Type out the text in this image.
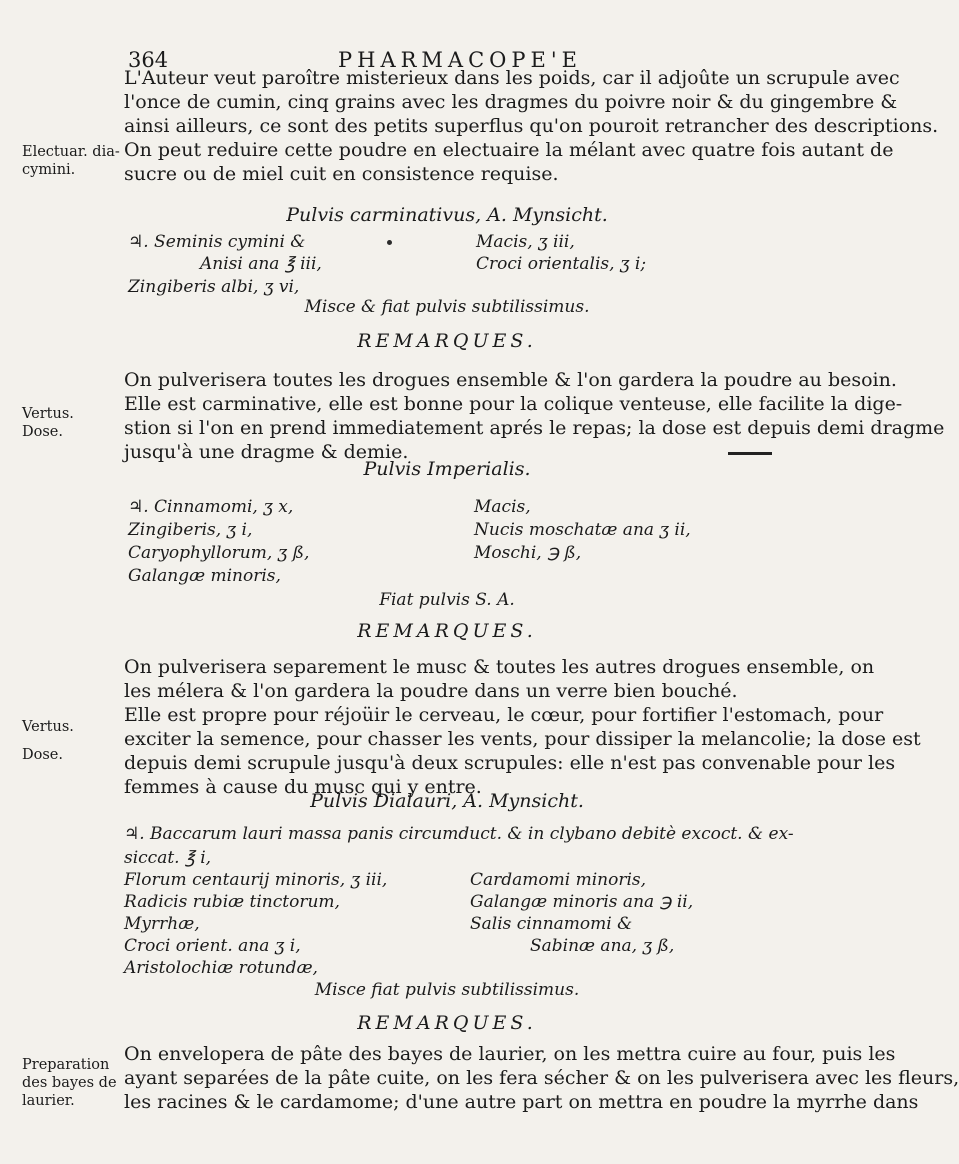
364	PHARMACOPE'E
Electuar. dia-
cymini.
L'Auteur veut paroître misterieux dans les poids, car il adjoûte un scrupule avec
l'once de cumin, cinq grains avec les dragmes du poivre noir & du gingembre &
ainsi ailleurs, ce sont des petits superflus qu'on pouroit retrancher des descriptions.
On peut reduire cette poudre en electuaire la mélant avec quatre fois autant de
sucre ou de miel cuit en consistence requise.
Pulvis carminativus, A. Mynsicht.
♃. Seminis cymini &
Anisi ana ℥ iii,
Zingiberis albi, ʒ vi,
Macis, ʒ iii,
Croci orientalis, ʒ i;
Misce & fiat pulvis subtilissimus.
REMARQUES.
Vertus.
Dose.
On pulverisera toutes les drogues ensemble & l'on gardera la poudre au besoin.
Elle est carminative, elle est bonne pour la colique venteuse, elle facilite la dige-
stion si l'on en prend immediatement aprés le repas; la dose est depuis demi dragme
jusqu'à une dragme & demie.
Pulvis Imperialis.
♃. Cinnamomi, ʒ x,
Zingiberis, ʒ i,
Caryophyllorum, ʒ ß,
Galangæ minoris,
Macis,
Nucis moschatæ ana ʒ ii,
Moschi, ℈ ß,
Fiat pulvis S. A.
REMARQUES.
Vertus.
Dose.
On pulverisera separement le musc & toutes les autres drogues ensemble, on
les mélera & l'on gardera la poudre dans un verre bien bouché.
Elle est propre pour réjoüir le cerveau, le cœur, pour fortifier l'estomach, pour
exciter la semence, pour chasser les vents, pour dissiper la melancolie; la dose est
depuis demi scrupule jusqu'à deux scrupules: elle n'est pas convenable pour les
femmes à cause du musc qui y entre.
Pulvis Dialauri, A. Mynsicht.
♃. Baccarum lauri massa panis circumduct. & in clybano debitè excoct. & ex-
siccat. ℥ i,
Florum centaurij minoris, ʒ iii,
Radicis rubiæ tinctorum,
Myrrhæ,
Croci orient. ana ʒ i,
Aristolochiæ rotundæ,
Cardamomi minoris,
Galangæ minoris ana ℈ ii,
Salis cinnamomi &
Sabinæ ana, ʒ ß,
Misce fiat pulvis subtilissimus.
REMARQUES.
Preparation
des bayes de
laurier.
On envelopera de pâte des bayes de laurier, on les mettra cuire au four, puis les
ayant separées de la pâte cuite, on les fera sécher & on les pulverisera avec les fleurs,
les racines & le cardamome; d'une autre part on mettra en poudre la myrrhe dans
